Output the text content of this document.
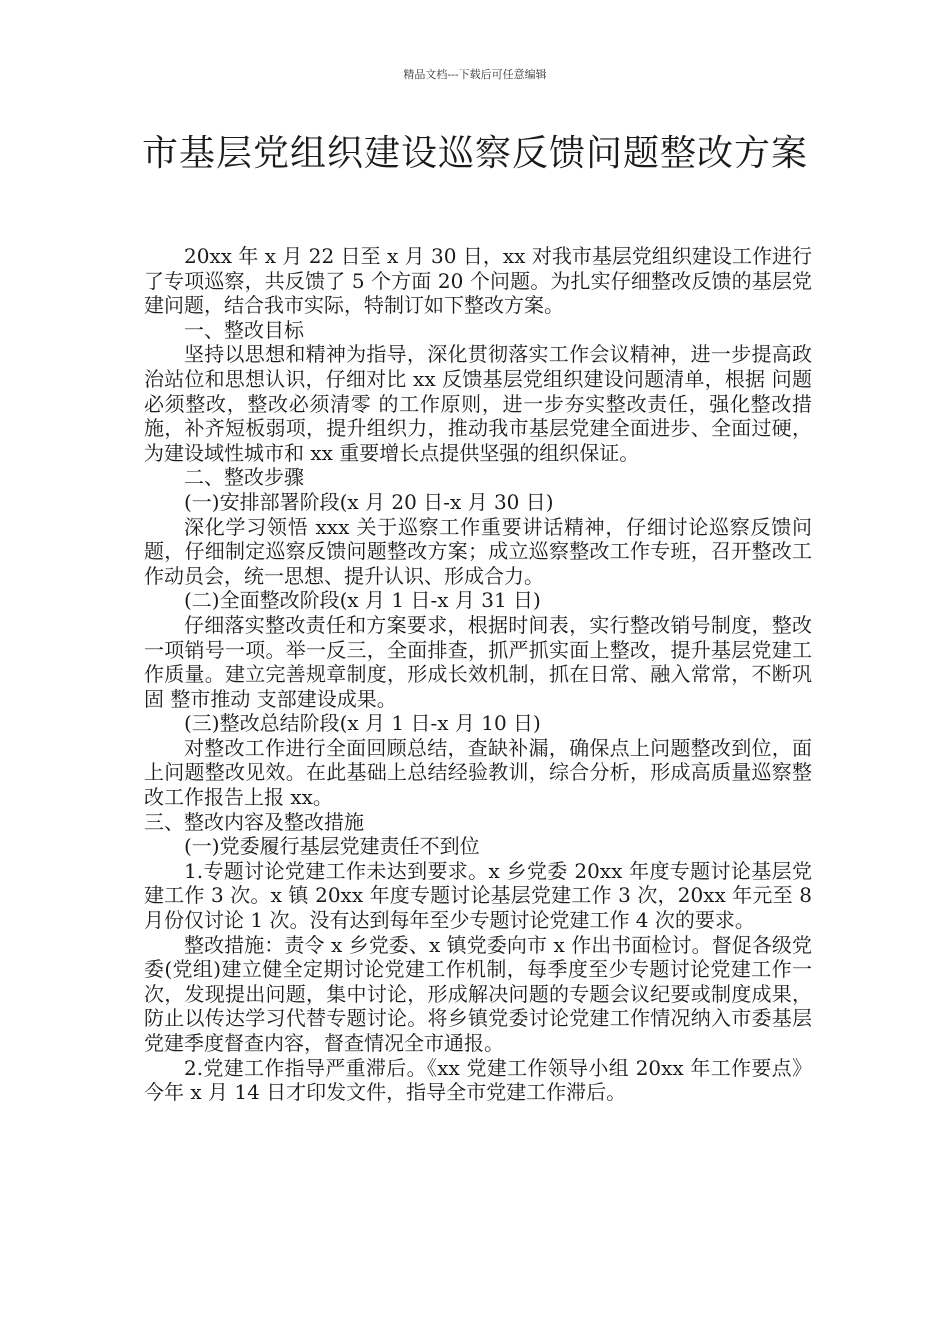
精品文档---下载后可任意编辑
市基层党组织建设巡察反馈问题整改方案

20xx 年 x 月 22 日至 x 月 30 日，xx 对我市基层党组织建设工作进行了专项巡察，共反馈了 5 个方面 20 个问题。为扎实仔细整改反馈的基层党建问题，结合我市实际，特制订如下整改方案。

一、整改目标

坚持以思想和精神为指导，深化贯彻落实工作会议精神，进一步提高政治站位和思想认识，仔细对比 xx 反馈基层党组织建设问题清单，根据 问题必须整改，整改必须清零 的工作原则，进一步夯实整改责任，强化整改措施，补齐短板弱项，提升组织力，推动我市基层党建全面进步、全面过硬，为建设域性城市和 xx 重要增长点提供坚强的组织保证。

二、整改步骤

(一)安排部署阶段(x 月 20 日-x 月 30 日)

深化学习领悟 xxx 关于巡察工作重要讲话精神，仔细讨论巡察反馈问题，仔细制定巡察反馈问题整改方案；成立巡察整改工作专班，召开整改工作动员会，统一思想、提升认识、形成合力。

(二)全面整改阶段(x 月 1 日-x 月 31 日)

仔细落实整改责任和方案要求，根据时间表，实行整改销号制度，整改一项销号一项。举一反三，全面排查，抓严抓实面上整改，提升基层党建工作质量。建立完善规章制度，形成长效机制，抓在日常、融入常常，不断巩固 整市推动 支部建设成果。

(三)整改总结阶段(x 月 1 日-x 月 10 日)

对整改工作进行全面回顾总结，查缺补漏，确保点上问题整改到位，面上问题整改见效。在此基础上总结经验教训，综合分析，形成高质量巡察整改工作报告上报 xx。

三、整改内容及整改措施

(一)党委履行基层党建责任不到位

1.专题讨论党建工作未达到要求。x 乡党委 20xx 年度专题讨论基层党建工作 3 次。x 镇 20xx 年度专题讨论基层党建工作 3 次，20xx 年元至 8 月份仅讨论 1 次。没有达到每年至少专题讨论党建工作 4 次的要求。

整改措施：责令 x 乡党委、x 镇党委向市 x 作出书面检讨。督促各级党委(党组)建立健全定期讨论党建工作机制，每季度至少专题讨论党建工作一次，发现提出问题，集中讨论，形成解决问题的专题会议纪要或制度成果，防止以传达学习代替专题讨论。将乡镇党委讨论党建工作情况纳入市委基层党建季度督查内容，督查情况全市通报。

2.党建工作指导严重滞后。《xx 党建工作领导小组 20xx 年工作要点》今年 x 月 14 日才印发文件，指导全市党建工作滞后。
